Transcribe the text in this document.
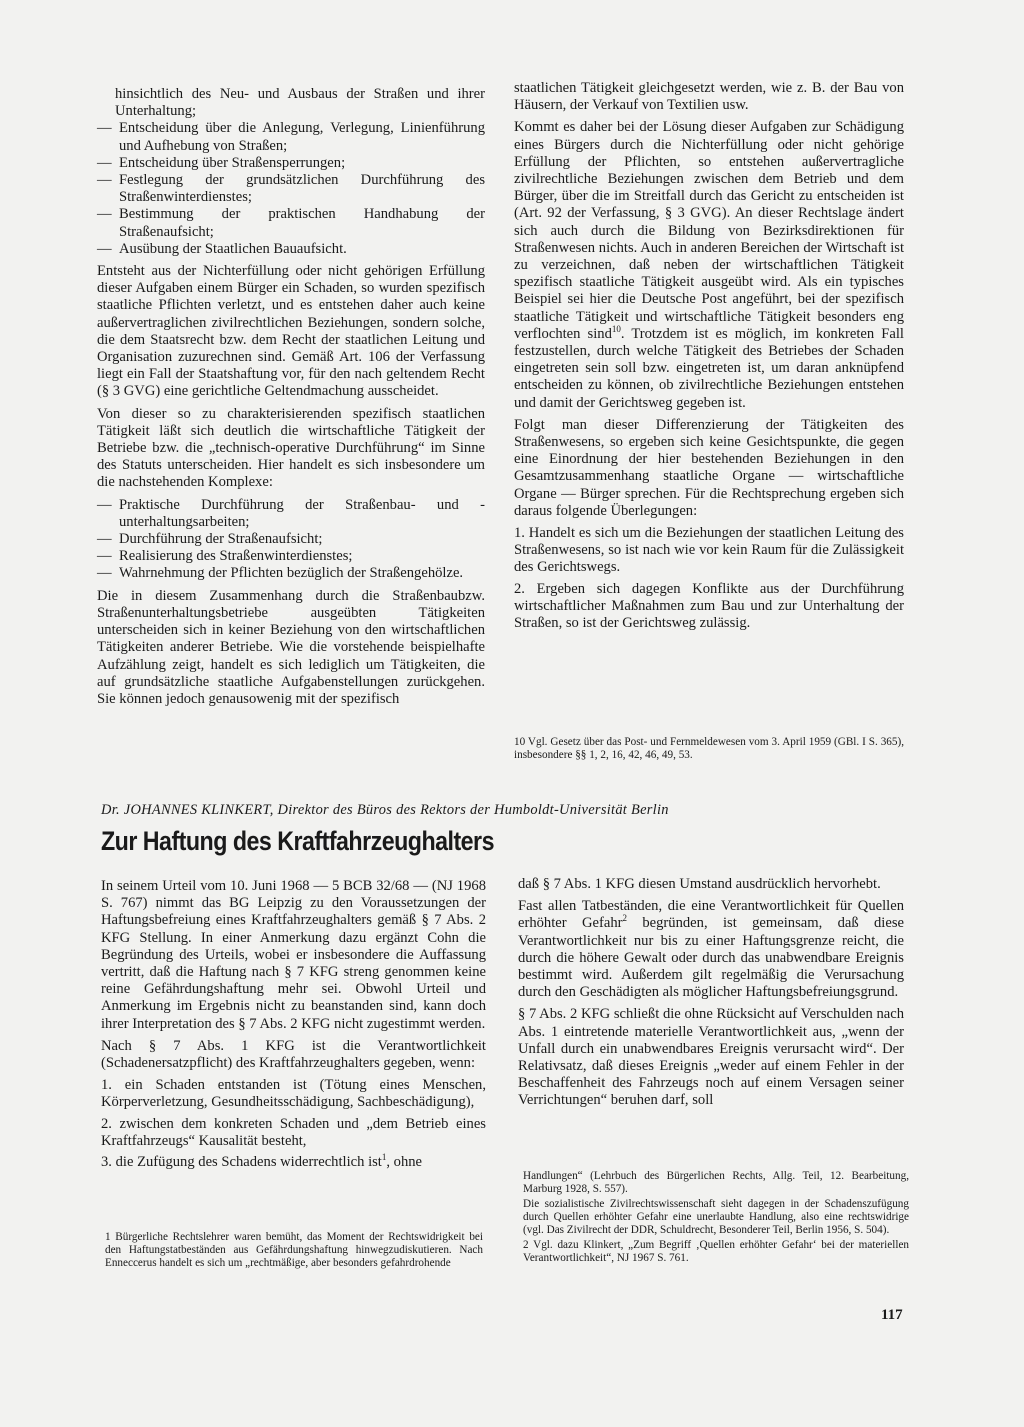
hinsichtlich des Neu- und Ausbaus der Straßen und ihrer Unterhaltung;

— Entscheidung über die Anlegung, Verlegung, Linienführung und Aufhebung von Straßen;
— Entscheidung über Straßensperrungen;
— Festlegung der grundsätzlichen Durchführung des Straßenwinterdienstes;
— Bestimmung der praktischen Handhabung der Straßenaufsicht;
— Ausübung der Staatlichen Bauaufsicht.

Entsteht aus der Nichterfüllung oder nicht gehörigen Erfüllung dieser Aufgaben einem Bürger ein Schaden, so wurden spezifisch staatliche Pflichten verletzt, und es entstehen daher auch keine außervertraglichen zivilrechtlichen Beziehungen, sondern solche, die dem Staatsrecht bzw. dem Recht der staatlichen Leitung und Organisation zuzurechnen sind. Gemäß Art. 106 der Verfassung liegt ein Fall der Staatshaftung vor, für den nach geltendem Recht (§ 3 GVG) eine gerichtliche Geltendmachung ausscheidet.

Von dieser so zu charakterisierenden spezifisch staatlichen Tätigkeit läßt sich deutlich die wirtschaftliche Tätigkeit der Betriebe bzw. die „technisch-operative Durchführung“ im Sinne des Statuts unterscheiden. Hier handelt es sich insbesondere um die nachstehenden Komplexe:

— Praktische Durchführung der Straßenbau- und -unterhaltungsarbeiten;
— Durchführung der Straßenaufsicht;
— Realisierung des Straßenwinterdienstes;
— Wahrnehmung der Pflichten bezüglich der Straßengehölze.

Die in diesem Zusammenhang durch die Straßenbaubzw. Straßenunterhaltungsbetriebe ausgeübten Tätigkeiten unterscheiden sich in keiner Beziehung von den wirtschaftlichen Tätigkeiten anderer Betriebe. Wie die vorstehende beispielhafte Aufzählung zeigt, handelt es sich lediglich um Tätigkeiten, die auf grundsätzliche staatliche Aufgabenstellungen zurückgehen. Sie können jedoch genausowenig mit der spezifisch

staatlichen Tätigkeit gleichgesetzt werden, wie z. B. der Bau von Häusern, der Verkauf von Textilien usw.

Kommt es daher bei der Lösung dieser Aufgaben zur Schädigung eines Bürgers durch die Nichterfüllung oder nicht gehörige Erfüllung der Pflichten, so entstehen außervertragliche zivilrechtliche Beziehungen zwischen dem Betrieb und dem Bürger, über die im Streitfall durch das Gericht zu entscheiden ist (Art. 92 der Verfassung, § 3 GVG). An dieser Rechtslage ändert sich auch durch die Bildung von Bezirksdirektionen für Straßenwesen nichts. Auch in anderen Bereichen der Wirtschaft ist zu verzeichnen, daß neben der wirtschaftlichen Tätigkeit spezifisch staatliche Tätigkeit ausgeübt wird. Als ein typisches Beispiel sei hier die Deutsche Post angeführt, bei der spezifisch staatliche Tätigkeit und wirtschaftliche Tätigkeit besonders eng verflochten sind$^{10}$. Trotzdem ist es möglich, im konkreten Fall festzustellen, durch welche Tätigkeit des Betriebes der Schaden eingetreten sein soll bzw. eingetreten ist, um daran anknüpfend entscheiden zu können, ob zivilrechtliche Beziehungen entstehen und damit der Gerichtsweg gegeben ist.

Folgt man dieser Differenzierung der Tätigkeiten des Straßenwesens, so ergeben sich keine Gesichtspunkte, die gegen eine Einordnung der hier bestehenden Beziehungen in den Gesamtzusammenhang staatliche Organe — wirtschaftliche Organe — Bürger sprechen. Für die Rechtsprechung ergeben sich daraus folgende Überlegungen:

1. Handelt es sich um die Beziehungen der staatlichen Leitung des Straßenwesens, so ist nach wie vor kein Raum für die Zulässigkeit des Gerichtswegs.
2. Ergeben sich dagegen Konflikte aus der Durchführung wirtschaftlicher Maßnahmen zum Bau und zur Unterhaltung der Straßen, so ist der Gerichtsweg zulässig.

10 Vgl. Gesetz über das Post- und Fernmeldewesen vom 3. April 1959 (GBl. I S. 365), insbesondere §§ 1, 2, 16, 42, 46, 49, 53.

Dr. JOHANNES KLINKERT, Direktor des Büros des Rektors der Humboldt-Universität Berlin
Zur Haftung des Kraftfahrzeughalters

In seinem Urteil vom 10. Juni 1968 — 5 BCB 32/68 — (NJ 1968 S. 767) nimmt das BG Leipzig zu den Voraussetzungen der Haftungsbefreiung eines Kraftfahrzeughalters gemäß § 7 Abs. 2 KFG Stellung. In einer Anmerkung dazu ergänzt Cohn die Begründung des Urteils, wobei er insbesondere die Auffassung vertritt, daß die Haftung nach § 7 KFG streng genommen keine reine Gefährdungshaftung mehr sei. Obwohl Urteil und Anmerkung im Ergebnis nicht zu beanstanden sind, kann doch ihrer Interpretation des § 7 Abs. 2 KFG nicht zugestimmt werden.

Nach § 7 Abs. 1 KFG ist die Verantwortlichkeit (Schadenersatzpflicht) des Kraftfahrzeughalters gegeben, wenn:

1. ein Schaden entstanden ist (Tötung eines Menschen, Körperverletzung, Gesundheitsschädigung, Sachbeschädigung),
2. zwischen dem konkreten Schaden und „dem Betrieb eines Kraftfahrzeugs“ Kausalität besteht,
3. die Zufügung des Schadens widerrechtlich ist$^1$, ohne

1 Bürgerliche Rechtslehrer waren bemüht, das Moment der Rechtswidrigkeit bei den Haftungstatbeständen aus Gefährdungshaftung hinwegzudiskutieren. Nach Enneccerus handelt es sich um „rechtmäßige, aber besonders gefahrdrohende

daß § 7 Abs. 1 KFG diesen Umstand ausdrücklich hervorhebt.

Fast allen Tatbeständen, die eine Verantwortlichkeit für Quellen erhöhter Gefahr$^2$ begründen, ist gemeinsam, daß diese Verantwortlichkeit nur bis zu einer Haftungsgrenze reicht, die durch die höhere Gewalt oder durch das unabwendbare Ereignis bestimmt wird. Außerdem gilt regelmäßig die Verursachung durch den Geschädigten als möglicher Haftungsbefreiungsgrund.

§ 7 Abs. 2 KFG schließt die ohne Rücksicht auf Verschulden nach Abs. 1 eintretende materielle Verantwortlichkeit aus, „wenn der Unfall durch ein unabwendbares Ereignis verursacht wird“. Der Relativsatz, daß dieses Ereignis „weder auf einem Fehler in der Beschaffenheit des Fahrzeugs noch auf einem Versagen seiner Verrichtungen“ beruhen darf, soll

Handlungen“ (Lehrbuch des Bürgerlichen Rechts, Allg. Teil, 12. Bearbeitung, Marburg 1928, S. 557).

Die sozialistische Zivilrechtswissenschaft sieht dagegen in der Schadenszufügung durch Quellen erhöhter Gefahr eine unerlaubte Handlung, also eine rechtswidrige (vgl. Das Zivilrecht der DDR, Schuldrecht, Besonderer Teil, Berlin 1956, S. 504).

2 Vgl. dazu Klinkert, „Zum Begriff ‚Quellen erhöhter Gefahr‘ bei der materiellen Verantwortlichkeit“, NJ 1967 S. 761.

117
